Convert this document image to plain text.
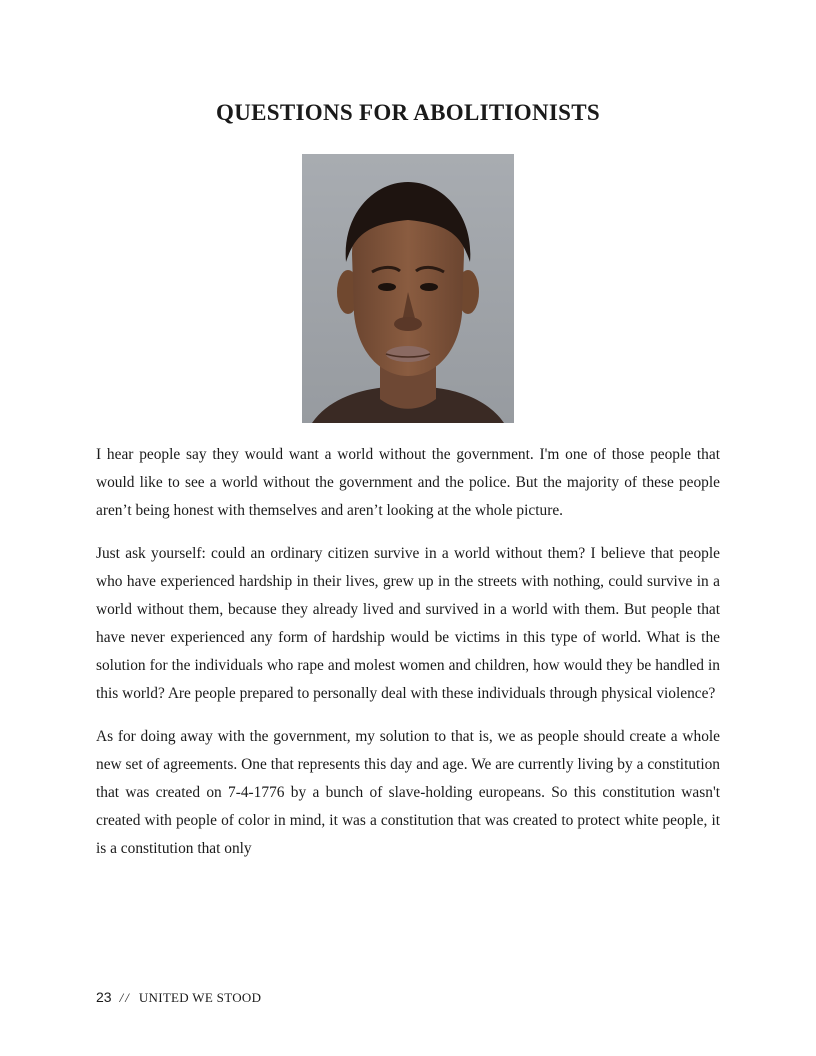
QUESTIONS FOR ABOLITIONISTS

I hear people say they would want a world without the government. I'm one of those people that would like to see a world without the government and the police. But the majority of these people aren’t being honest with themselves and aren’t looking at the whole picture.

Just ask yourself: could an ordinary citizen survive in a world without them? I believe that people who have experienced hardship in their lives, grew up in the streets with nothing, could survive in a world without them, because they already lived and survived in a world with them. But people that have never experienced any form of hardship would be victims in this type of world. What is the solution for the individuals who rape and molest women and children, how would they be handled in this world? Are people prepared to personally deal with these individuals through physical violence?

As for doing away with the government, my solution to that is, we as people should create a whole new set of agreements. One that represents this day and age. We are currently living by a constitution that was created on 7-4-1776 by a bunch of slave-holding europeans. So this constitution wasn't created with people of color in mind, it was a constitution that was created to protect white people, it is a constitution that only

23 // UNITED WE STOOD
